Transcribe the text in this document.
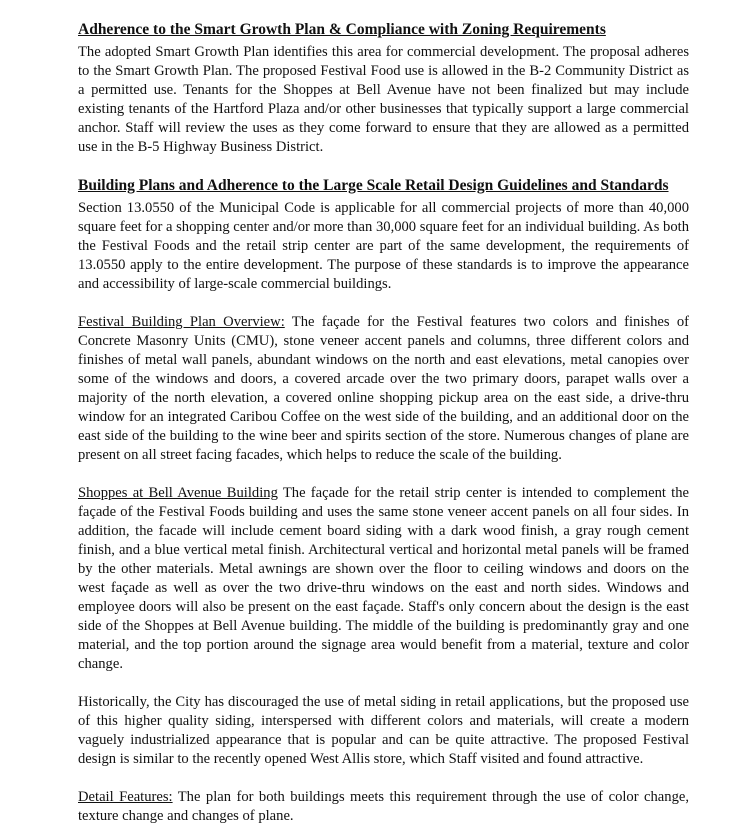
Adherence to the Smart Growth Plan & Compliance with Zoning Requirements

The adopted Smart Growth Plan identifies this area for commercial development. The proposal adheres to the Smart Growth Plan. The proposed Festival Food use is allowed in the B-2 Community District as a permitted use. Tenants for the Shoppes at Bell Avenue have not been finalized but may include existing tenants of the Hartford Plaza and/or other businesses that typically support a large commercial anchor. Staff will review the uses as they come forward to ensure that they are allowed as a permitted use in the B-5 Highway Business District.

Building Plans and Adherence to the Large Scale Retail Design Guidelines and Standards

Section 13.0550 of the Municipal Code is applicable for all commercial projects of more than 40,000 square feet for a shopping center and/or more than 30,000 square feet for an individual building. As both the Festival Foods and the retail strip center are part of the same development, the requirements of 13.0550 apply to the entire development. The purpose of these standards is to improve the appearance and accessibility of large-scale commercial buildings.

Festival Building Plan Overview: The façade for the Festival features two colors and finishes of Concrete Masonry Units (CMU), stone veneer accent panels and columns, three different colors and finishes of metal wall panels, abundant windows on the north and east elevations, metal canopies over some of the windows and doors, a covered arcade over the two primary doors, parapet walls over a majority of the north elevation, a covered online shopping pickup area on the east side, a drive-thru window for an integrated Caribou Coffee on the west side of the building, and an additional door on the east side of the building to the wine beer and spirits section of the store. Numerous changes of plane are present on all street facing facades, which helps to reduce the scale of the building.

Shoppes at Bell Avenue Building The façade for the retail strip center is intended to complement the façade of the Festival Foods building and uses the same stone veneer accent panels on all four sides. In addition, the facade will include cement board siding with a dark wood finish, a gray rough cement finish, and a blue vertical metal finish. Architectural vertical and horizontal metal panels will be framed by the other materials. Metal awnings are shown over the floor to ceiling windows and doors on the west façade as well as over the two drive-thru windows on the east and north sides. Windows and employee doors will also be present on the east façade. Staff's only concern about the design is the east side of the Shoppes at Bell Avenue building. The middle of the building is predominantly gray and one material, and the top portion around the signage area would benefit from a material, texture and color change.

Historically, the City has discouraged the use of metal siding in retail applications, but the proposed use of this higher quality siding, interspersed with different colors and materials, will create a modern vaguely industrialized appearance that is popular and can be quite attractive. The proposed Festival design is similar to the recently opened West Allis store, which Staff visited and found attractive.

Detail Features: The plan for both buildings meets this requirement through the use of color change, texture change and changes of plane.
